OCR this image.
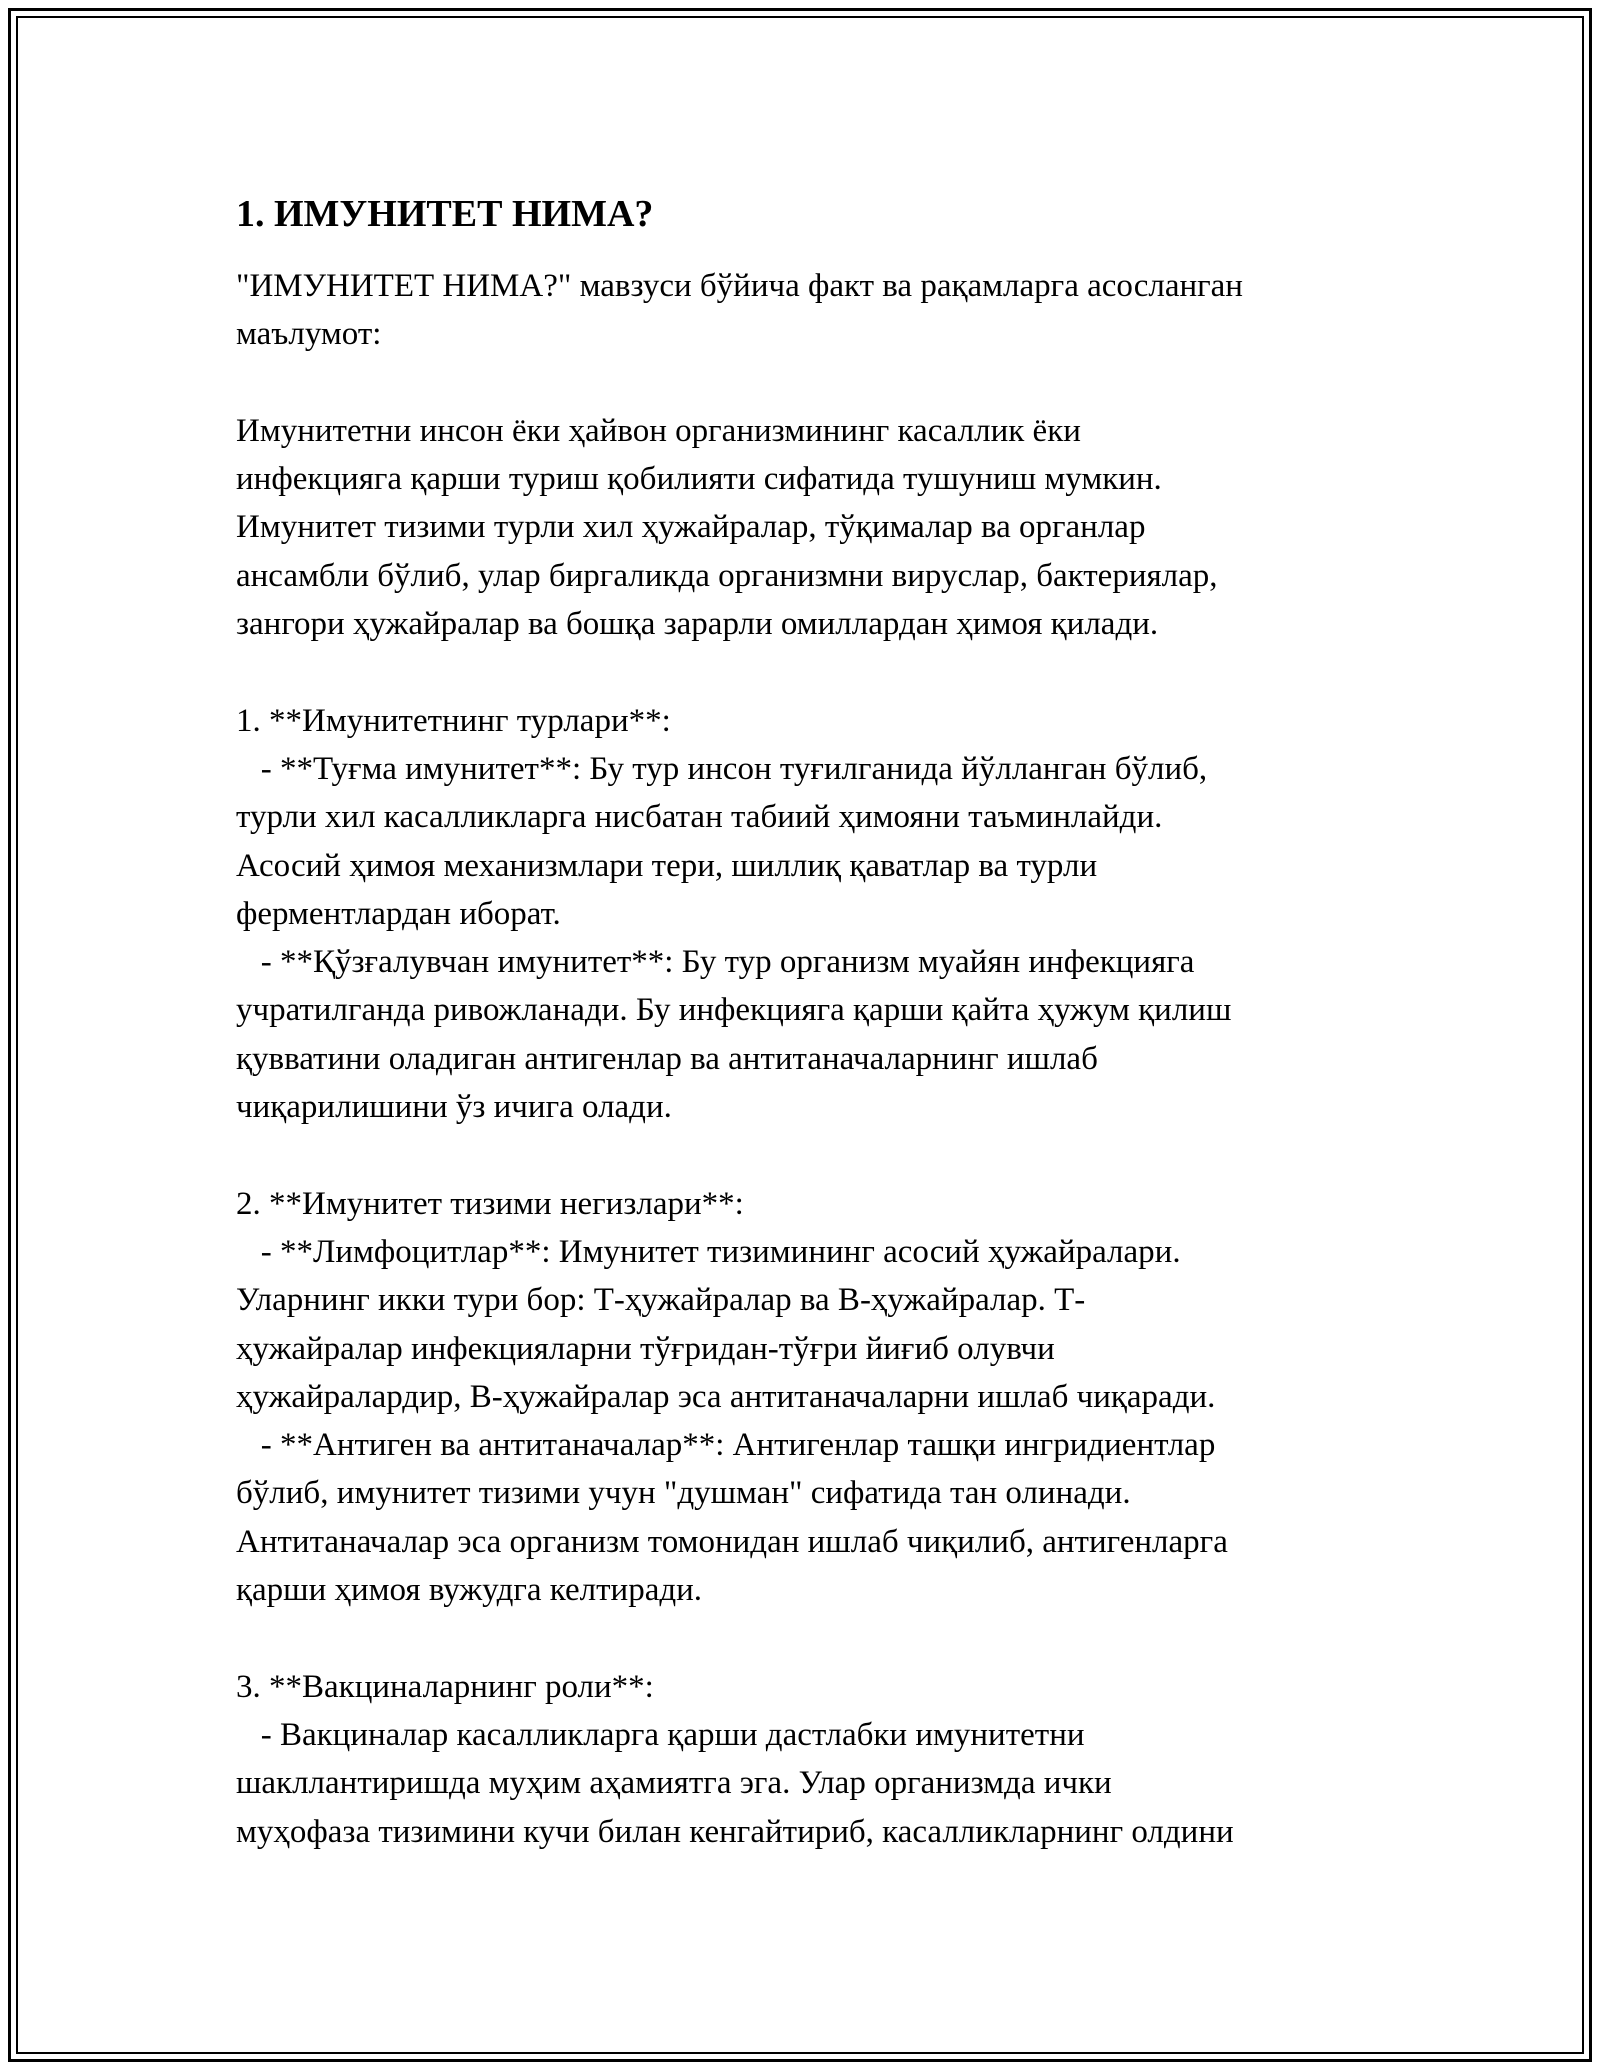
1. ИМУНИТЕТ НИМА?
"ИМУНИТЕТ НИМА?" мавзуси бўйича факт ва рақамларга асосланган
маълумот:
Имунитетни инсон ёки ҳайвон организмининг касаллик ёки
инфекцияга қарши туриш қобилияти сифатида тушуниш мумкин.
Имунитет тизими турли хил ҳужайралар, тўқималар ва органлар
ансамбли бўлиб, улар биргаликда организмни вируслар, бактериялар,
зангори ҳужайралар ва бошқа зарарли омиллардан ҳимоя қилади.
1. **Имунитетнинг турлари**:
- **Туғма имунитет**: Бу тур инсон туғилганида йўлланган бўлиб,
турли хил касалликларга нисбатан табиий ҳимояни таъминлайди.
Асосий ҳимоя механизмлари тери, шиллиқ қаватлар ва турли
ферментлардан иборат.
- **Қўзғалувчан имунитет**: Бу тур организм муайян инфекцияга
учратилганда ривожланади. Бу инфекцияга қарши қайта ҳужум қилиш
қувватини оладиган антигенлар ва антитаначаларнинг ишлаб
чиқарилишини ўз ичига олади.
2. **Имунитет тизими негизлари**:
- **Лимфоцитлар**: Имунитет тизимининг асосий ҳужайралари.
Уларнинг икки тури бор: Т-ҳужайралар ва В-ҳужайралар. Т-
ҳужайралар инфекцияларни тўғридан-тўғри йиғиб олувчи
ҳужайралардир, В-ҳужайралар эса антитаначаларни ишлаб чиқаради.
- **Антиген ва антитаначалар**: Антигенлар ташқи ингридиентлар
бўлиб, имунитет тизими учун "душман" сифатида тан олинади.
Антитаначалар эса организм томонидан ишлаб чиқилиб, антигенларга
қарши ҳимоя вужудга келтиради.
3. **Вакциналарнинг роли**:
- Вакциналар касалликларга қарши дастлабки имунитетни
шакллантиришда муҳим аҳамиятга эга. Улар организмда ички
муҳофаза тизимини кучи билан кенгайтириб, касалликларнинг олдини
